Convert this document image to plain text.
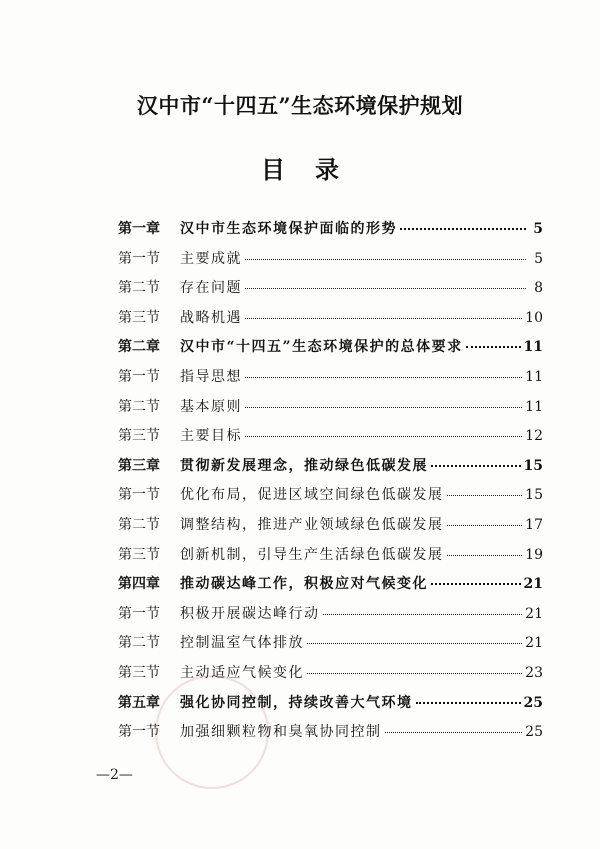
汉中市“十四五”生态环境保护规划
目 录
第一章	汉中市生态环境保护面临的形势	5
第一节	主要成就	5
第二节	存在问题	8
第三节	战略机遇	10
第二章	汉中市“十四五”生态环境保护的总体要求	11
第一节	指导思想	11
第二节	基本原则	11
第三节	主要目标	12
第三章	贯彻新发展理念，推动绿色低碳发展	15
第一节	优化布局，促进区域空间绿色低碳发展	15
第二节	调整结构，推进产业领域绿色低碳发展	17
第三节	创新机制，引导生产生活绿色低碳发展	19
第四章	推动碳达峰工作，积极应对气候变化	21
第一节	积极开展碳达峰行动	21
第二节	控制温室气体排放	21
第三节	主动适应气候变化	23
第五章	强化协同控制，持续改善大气环境	25
第一节	加强细颗粒物和臭氧协同控制	25
—2—
